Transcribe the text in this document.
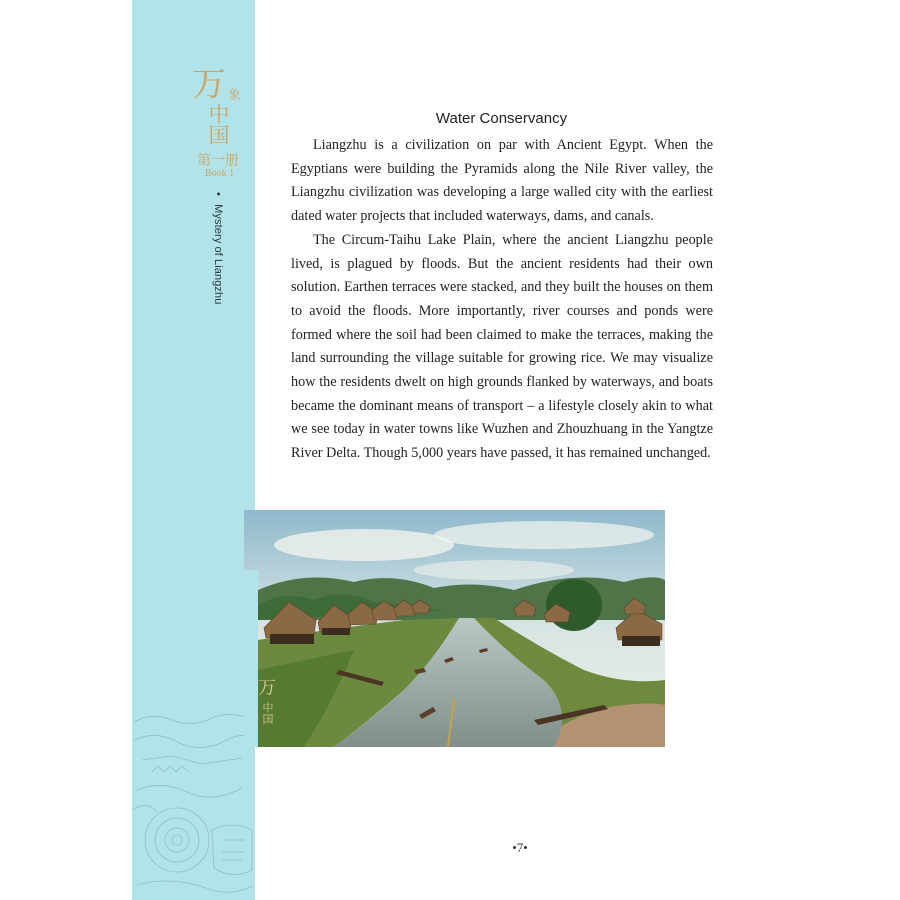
万 象
中国
第一册
Book 1
• Mystery of Liangzhu
Water Conservancy

Liangzhu is a civilization on par with Ancient Egypt. When the Egyptians were building the Pyramids along the Nile River valley, the Liangzhu civilization was developing a large walled city with the earliest dated water projects that included waterways, dams, and canals.

The Circum-Taihu Lake Plain, where the ancient Liangzhu people lived, is plagued by floods. But the ancient residents had their own solution. Earthen terraces were stacked, and they built the houses on them to avoid the floods. More importantly, river courses and ponds were formed where the soil had been claimed to make the terraces, making the land surrounding the village suitable for growing rice. We may visualize how the residents dwelt on high grounds flanked by waterways, and boats became the dominant means of transport – a lifestyle closely akin to what we see today in water towns like Wuzhen and Zhouzhuang in the Yangtze River Delta. Though 5,000 years have passed, it has remained unchanged.

万
中国
•7•
